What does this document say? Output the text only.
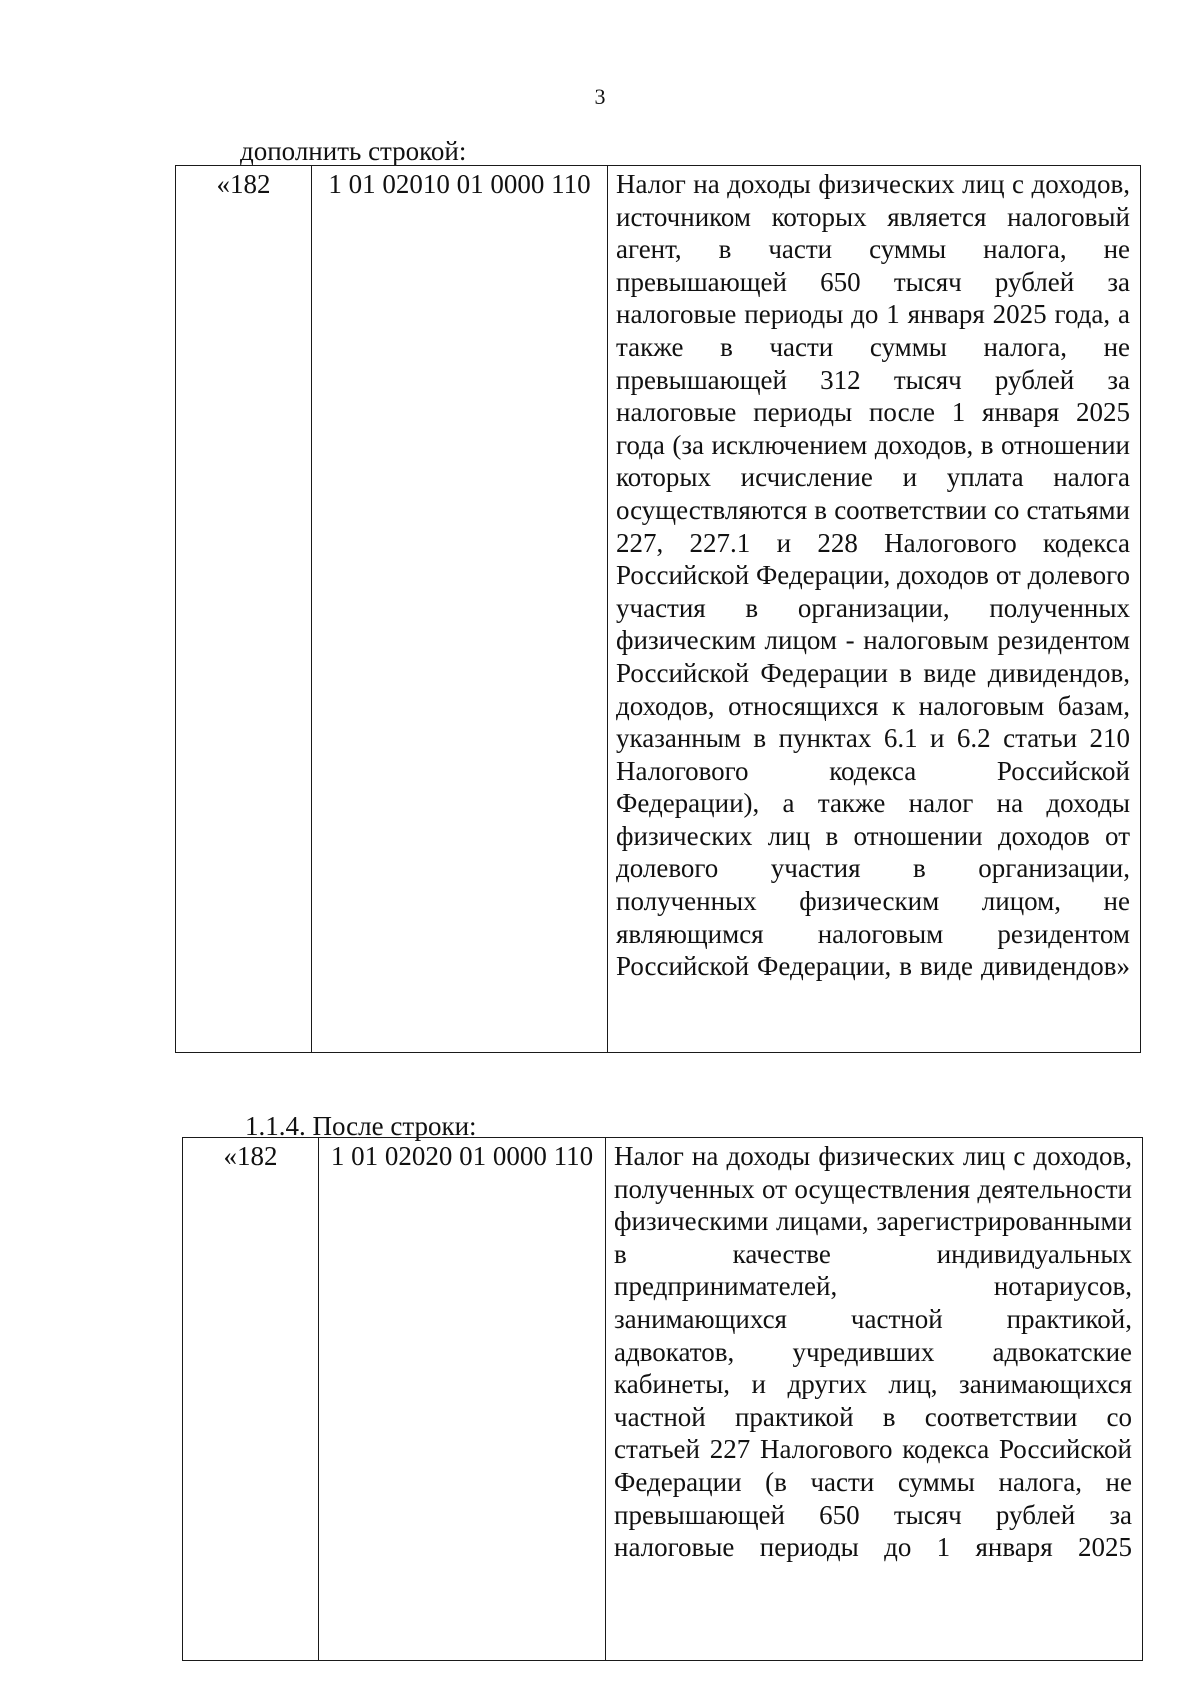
3
дополнить строкой:
«182	1 01 02010 01 0000 110	Налог на доходы физических лиц с доходов, источником которых является налоговый агент, в части суммы налога, не превышающей 650 тысяч рублей за налоговые периоды до 1 января 2025 года, а также в части суммы налога, не превышающей 312 тысяч рублей за налоговые периоды после 1 января 2025 года (за исключением доходов, в отношении которых исчисление и уплата налога осуществляются в соответствии со статьями 227, 227.1 и 228 Налогового кодекса Российской Федерации, доходов от долевого участия в организации, полученных физическим лицом - налоговым резидентом Российской Федерации в виде дивидендов, доходов, относящихся к налоговым базам, указанным в пунктах 6.1 и 6.2 статьи 210 Налогового кодекса Российской Федерации), а также налог на доходы физических лиц в отношении доходов от долевого участия в организации, полученных физическим лицом, не являющимся налоговым резидентом Российской Федерации, в виде дивидендов»
1.1.4. После строки:
«182	1 01 02020 01 0000 110	Налог на доходы физических лиц с доходов, полученных от осуществления деятельности физическими лицами, зарегистрированными в качестве индивидуальных предпринимателей, нотариусов, занимающихся частной практикой, адвокатов, учредивших адвокатские кабинеты, и других лиц, занимающихся частной практикой в соответствии со статьей 227 Налогового кодекса Российской Федерации (в части суммы налога, не превышающей 650 тысяч рублей за налоговые периоды до 1 января 2025
